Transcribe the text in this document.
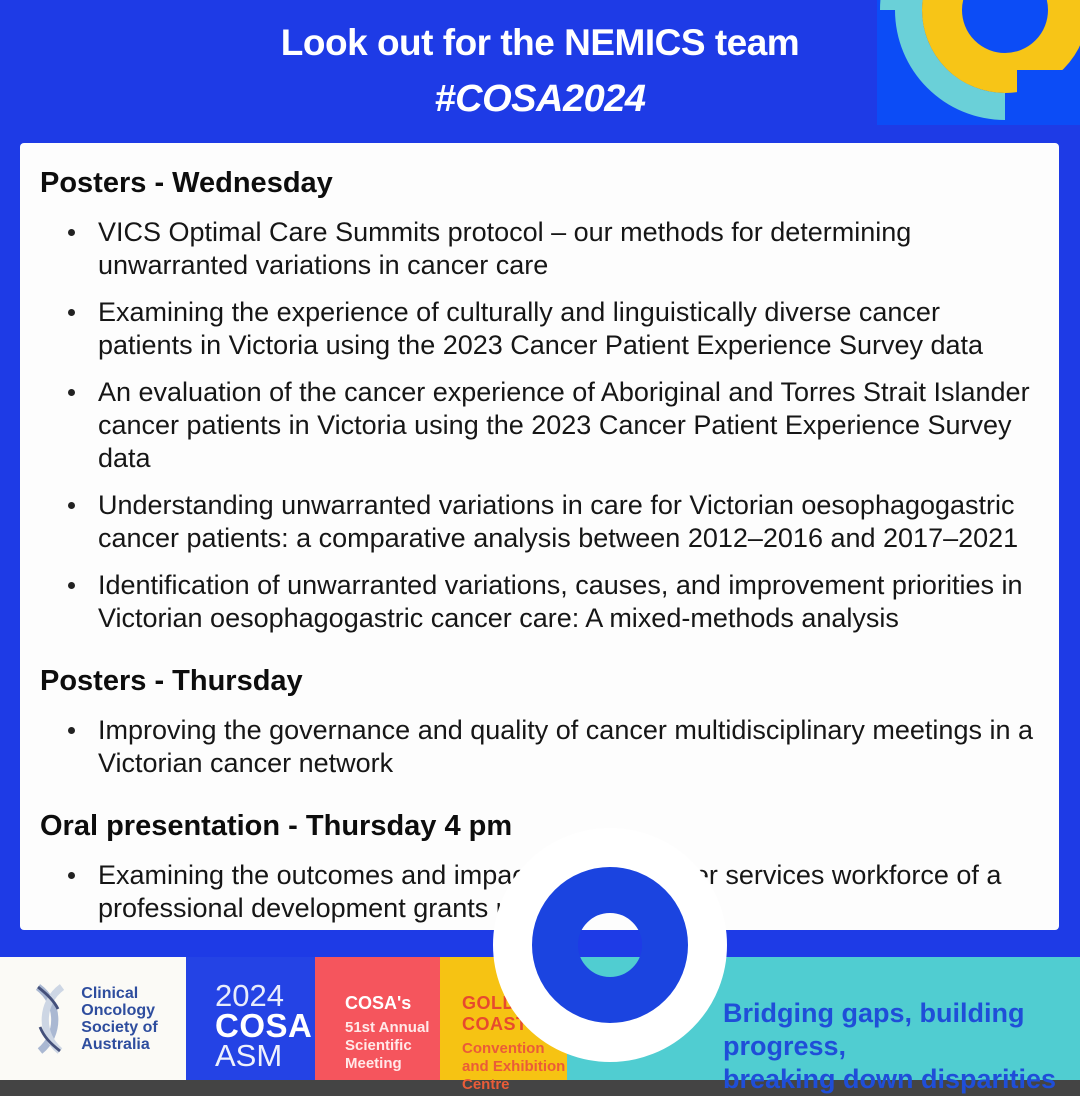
Look out for the NEMICS team
#COSA2024
Posters - Wednesday
VICS Optimal Care Summits protocol – our methods for determining unwarranted variations in cancer care
Examining the experience of culturally and linguistically diverse cancer patients in Victoria using the 2023 Cancer Patient Experience Survey data
An evaluation of the cancer experience of Aboriginal and Torres Strait Islander cancer patients in Victoria using the 2023 Cancer Patient Experience Survey data
Understanding unwarranted variations in care for Victorian oesophagogastric cancer patients: a comparative analysis between 2012–2016 and 2017–2021
Identification of unwarranted variations, causes, and improvement priorities in Victorian oesophagogastric cancer care: A mixed-methods analysis
Posters - Thursday
Improving the governance and quality of cancer multidisciplinary meetings in a Victorian cancer network
Oral presentation - Thursday 4 pm
Examining the outcomes and impacts on the cancer services workforce of a professional development grants program
Clinical
Oncology
Society of
Australia
2024
COSA
ASM
COSA's
51st Annual
Scientific
Meeting
GOLD COAST
Convention
and Exhibition
Centre
Bridging gaps, building progress,
breaking down disparities
